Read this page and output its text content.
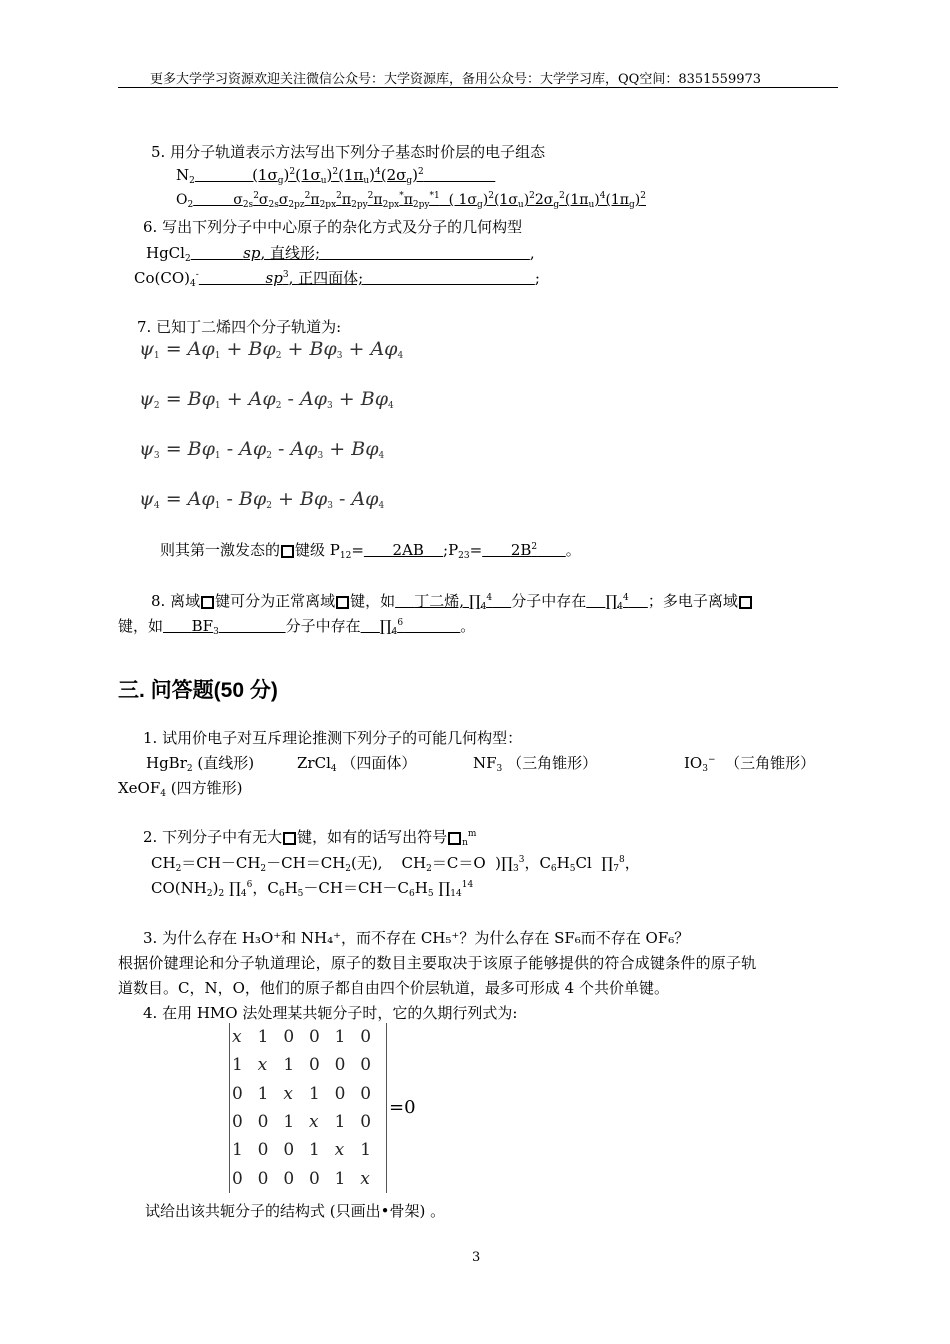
更多大学学习资源欢迎关注微信公众号：大学资源库，备用公众号：大学学习库，QQ空间：8351559973
5. 用分子轨道表示方法写出下列分子基态时价层的电子组态
$N_2$            $(1\sigma_g)^2(1\sigma_u)^2(1\pi_u)^4(2\sigma_g)^2$
$O_2$         $\sigma_{2s}^2\sigma_{2s}\sigma_{2pz}^2\pi_{2px}^2\pi_{2py}^2\pi_{2px}^*\pi_{2py}^{*1}$  ( $1\sigma_g)^2(1\sigma_u)^22\sigma_g^2(1\pi_u)^4(1\pi_g)^2$
6. 写出下列分子中中心原子的杂化方式及分子的几何构型
HgCl$_2$	sp, 直线形;	,
$Co(CO)_4^-$	$sp^3$, 正四面体;	;
7. 已知丁二烯四个分子轨道为:
$\psi_1 = A\varphi_1 + B\varphi_2 + B\varphi_3 + A\varphi_4$
$\psi_2 = B\varphi_1 + A\varphi_2 - A\varphi_3 + B\varphi_4$
$\psi_3 = B\varphi_1 - A\varphi_2 - A\varphi_3 + B\varphi_4$
$\psi_4 = A\varphi_1 - B\varphi_2 + B\varphi_3 - A\varphi_4$
则其第一激发态的 键级 $P_{12}= 2AB$ $;P_{23}= 2B^2$ 。
8. 离域 键可分为正常离域 键，如 丁二烯, $\prod_4^4$ 分子中存在 $\prod_4^4$ ；多电子离域
键，如 $BF_3$	分子中存在 $\prod_4^6$	。
三. 问答题(50 分)
1. 试用价电子对互斥理论推测下列分子的可能几何构型：
HgBr$_2$ (直线形)	ZrCl$_4$ （四面体）	$NF_3$ （三角锥形）	$IO_3^-$ （三角锥形）
XeOF$_4$ (四方锥形)
2. 下列分子中有无大 键，如有的话写出符号 $_n^m$
$CH_2=CH-CH_2-CH=CH_2$(无),    $CH_2=C=O$  )$\prod_3^3$，$C_6H_5Cl$  $\prod_7^8$，
$CO(NH_2)_2$ $\prod_4^6$，$C_6H_5-CH=CH-C_6H_5$ $\prod_{14}^{14}$
3. 为什么存在 H₃O⁺和 NH₄⁺，而不存在 CH₅⁺？为什么存在 SF₆而不存在 OF₆？
根据价键理论和分子轨道理论，原子的数目主要取决于该原子能够提供的符合成键条件的原子轨
道数目。C，N，O，他们的原子都自由四个价层轨道，最多可形成 4 个共价单键。
4. 在用 HMO 法处理某共轭分子时，它的久期行列式为:
x	1	0	0	1	0
1	x	1	0	0	0
0	1	x	1	0	0
0	0	1	x	1	0
1	0	0	1	x	1
0	0	0	0	1	x
=0
试给出该共轭分子的结构式 (只画出•骨架) 。
3
